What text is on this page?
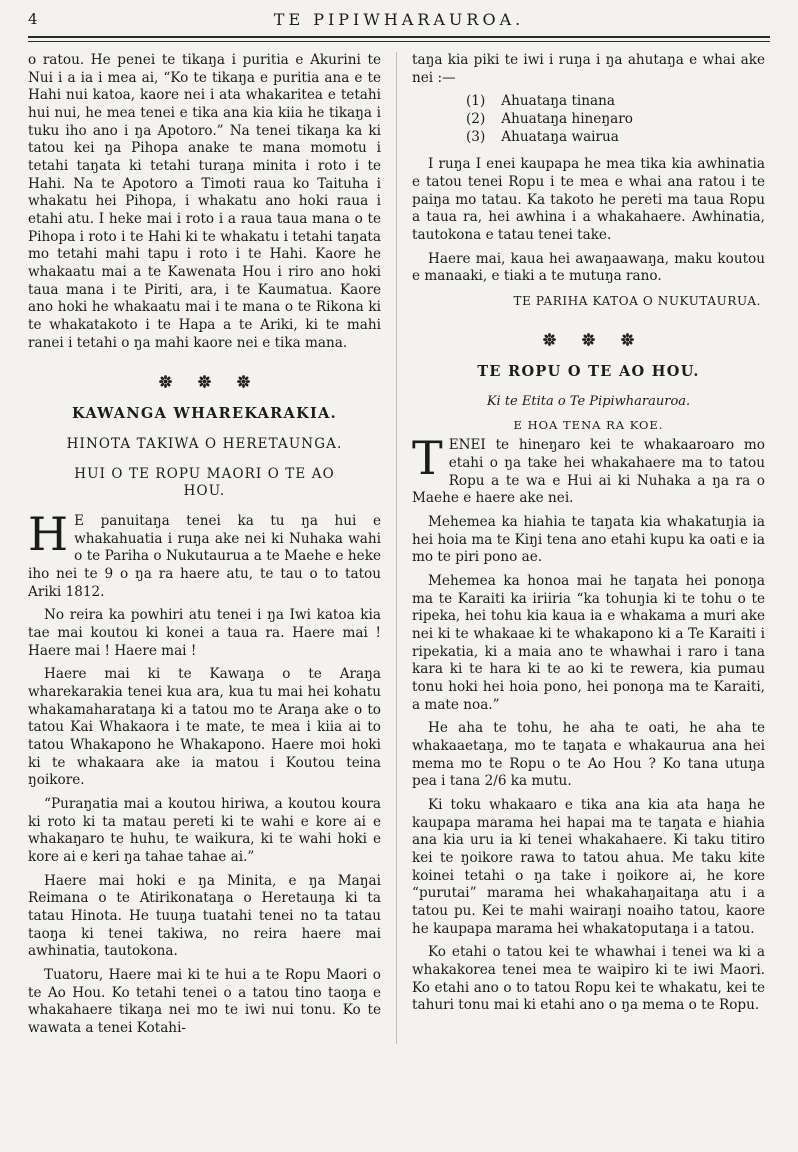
4	TE PIPIWHARAUROA.

o ratou. He penei te tikaŋa i puritia e Akurini te Nui i a ia i mea ai, “Ko te tikaŋa e puritia ana e te Hahi nui katoa, kaore nei i ata whakaritea e tetahi hui nui, he mea tenei e tika ana kia kiia he tikaŋa i tuku iho ano i ŋa Apotoro.” Na tenei tikaŋa ka ki tatou kei ŋa Pihopa anake te mana momotu i tetahi taŋata ki tetahi turaŋa minita i roto i te Hahi. Na te Apotoro a Timoti raua ko Taituha i whakatu hei Pihopa, i whakatu ano hoki raua i etahi atu. I heke mai i roto i a raua taua mana o te Pihopa i roto i te Hahi ki te whakatu i tetahi taŋata mo tetahi mahi tapu i roto i te Hahi. Kaore he whakaatu mai a te Kawenata Hou i riro ano hoki taua mana i te Piriti, ara, i te Kaumatua. Kaore ano hoki he whakaatu mai i te mana o te Rikona ki te whakatakoto i te Hapa a te Ariki, ki te mahi ranei i tetahi o ŋa mahi kaore nei e tika mana.

KAWANGA WHAREKARAKIA.
HINOTA TAKIWA O HERETAUNGA.
HUI O TE ROPU MAORI O TE AO HOU.

H E panuitaŋa tenei ka tu ŋa hui e whakahuatia i ruŋa ake nei ki Nuhaka wahi o te Pariha o Nukutaurua a te Maehe e heke iho nei te 9 o ŋa ra haere atu, te tau o to tatou Ariki 1812.

No reira ka powhiri atu tenei i ŋa Iwi katoa kia tae mai koutou ki konei a taua ra. Haere mai ! Haere mai ! Haere mai !

Haere mai ki te Kawaŋa o te Araŋa wharekarakia tenei kua ara, kua tu mai hei kohatu whakamaharataŋa ki a tatou mo te Araŋa ake o to tatou Kai Whakaora i te mate, te mea i kiia ai to tatou Whakapono he Whakapono. Haere moi hoki ki te whakaara ake ia matou i Koutou teina ŋoikore.

“Puraŋatia mai a koutou hiriwa, a koutou koura ki roto ki ta matau pereti ki te wahi e kore ai e whakaŋaro te huhu, te waikura, ki te wahi hoki e kore ai e keri ŋa tahae tahae ai.”

Haere mai hoki e ŋa Minita, e ŋa Maŋai Reimana o te Atirikonataŋa o Heretauŋa ki ta tatau Hinota. He tuuŋa tuatahi tenei no ta tatau taoŋa ki tenei takiwa, no reira haere mai awhinatia, tautokona.

Tuatoru, Haere mai ki te hui a te Ropu Maori o te Ao Hou. Ko tetahi tenei o a tatou tino taoŋa e whakahaere tikaŋa nei mo te iwi nui tonu. Ko te wawata a tenei Kotahi-

taŋa kia piki te iwi i ruŋa i ŋa ahutaŋa e whai ake nei :—

(1) Ahuataŋa tinana
(2) Ahuataŋa hineŋaro
(3) Ahuataŋa wairua

I ruŋa I enei kaupapa he mea tika kia awhinatia e tatou tenei Ropu i te mea e whai ana ratou i te paiŋa mo tatau. Ka takoto he pereti ma taua Ropu a taua ra, hei awhina i a whakahaere. Awhinatia, tautokona e tatau tenei take.

Haere mai, kaua hei awaŋaawaŋa, maku koutou e manaaki, e tiaki a te mutuŋa rano.

TE PARIHA KATOA O NUKUTAURUA.

TE ROPU O TE AO HOU.

Ki te Etita o Te Pipiwharauroa.

E HOA TENA RA KOE.

TENEI te hineŋaro kei te whakaaroaro mo etahi o ŋa take hei whakahaere ma to tatou Ropu a te wa e Hui ai ki Nuhaka a ŋa ra o Maehe e haere ake nei.

Mehemea ka hiahia te taŋata kia whakatuŋia ia hei hoia ma te Kiŋi tena ano etahi kupu ka oati e ia mo te piri pono ae.

Mehemea ka honoa mai he taŋata hei ponoŋa ma te Karaiti ka iriiria “ka tohuŋia ki te tohu o te ripeka, hei tohu kia kaua ia e whakama a muri ake nei ki te whakaae ki te whakapono ki a Te Karaiti i ripekatia, ki a maia ano te whawhai i raro i tana kara ki te hara ki te ao ki te rewera, kia pumau tonu hoki hei hoia pono, hei ponoŋa ma te Karaiti, a mate noa.”

He aha te tohu, he aha te oati, he aha te whakaaetaŋa, mo te taŋata e whakaurua ana hei mema mo te Ropu o te Ao Hou ? Ko tana utuŋa pea i tana 2/6 ka mutu.

Ki toku whakaaro e tika ana kia ata haŋa he kaupapa marama hei hapai ma te taŋata e hiahia ana kia uru ia ki tenei whakahaere. Ki taku titiro kei te ŋoikore rawa to tatou ahua. Me taku kite koinei tetahi o ŋa take i ŋoikore ai, he kore “purutai” marama hei whakahaŋaitaŋa atu i a tatou pu. Kei te mahi wairaŋi noaiho tatou, kaore he kaupapa marama hei whakatoputaŋa i a tatou.

Ko etahi o tatou kei te whawhai i tenei wa ki a whakakorea tenei mea te waipiro ki te iwi Maori. Ko etahi ano o to tatou Ropu kei te whakatu, kei te tahuri tonu mai ki etahi ano o ŋa mema o te Ropu.
